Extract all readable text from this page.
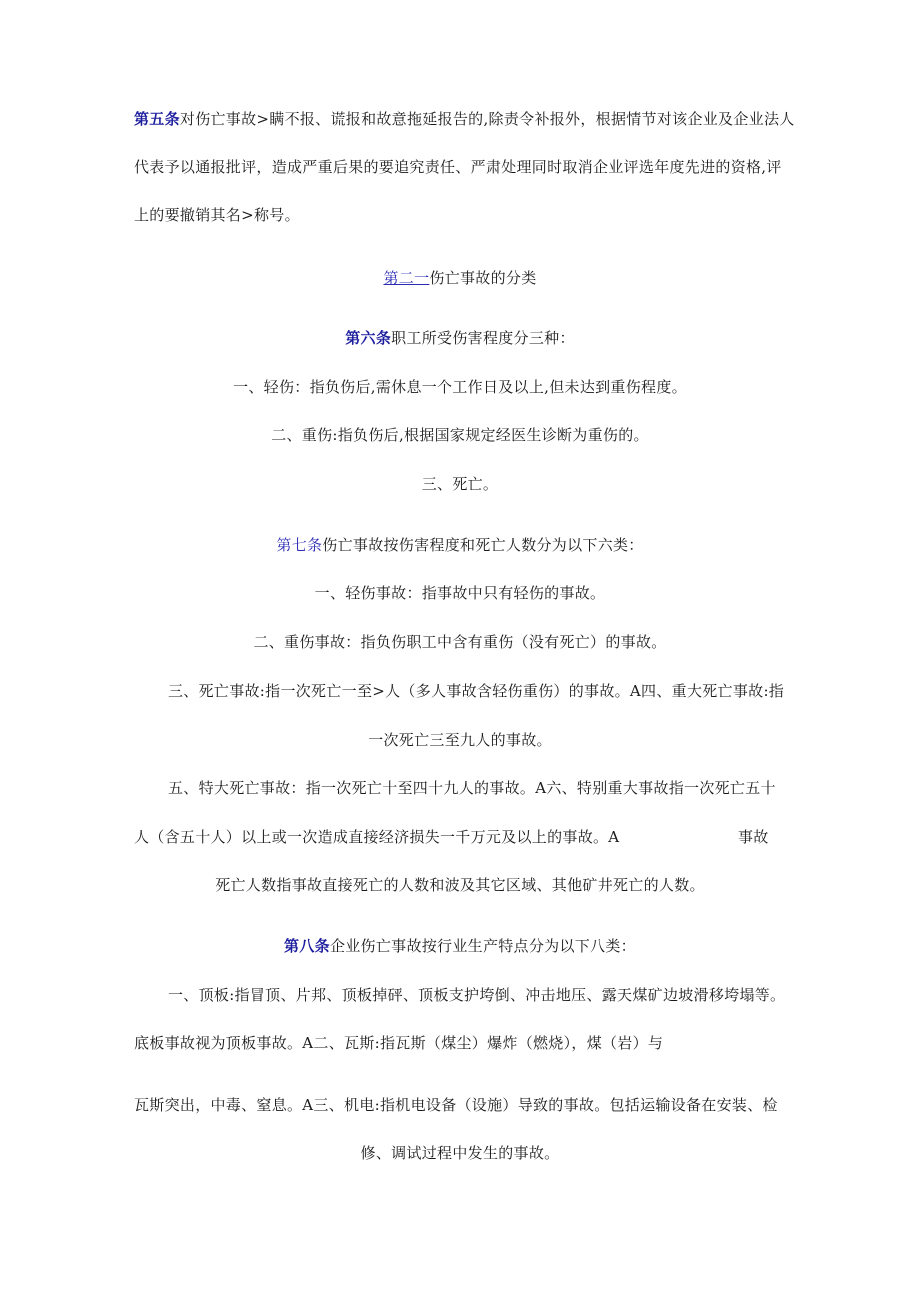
第五条对伤亡事故>瞒不报、谎报和故意拖延报告的,除责令补报外，根据情节对该企业及企业法人
代表予以通报批评，造成严重后果的要追究责任、严肃处理同时取消企业评选年度先进的资格,评
上的要撤销其名>称号。
第二一伤亡事故的分类
第六条职工所受伤害程度分三种：
一、轻伤：指负伤后,需休息一个工作日及以上,但未达到重伤程度。
二、重伤:指负伤后,根据国家规定经医生诊断为重伤的。
三、死亡。
第七条伤亡事故按伤害程度和死亡人数分为以下六类：
一、轻伤事故：指事故中只有轻伤的事故。
二、重伤事故：指负伤职工中含有重伤（没有死亡）的事故。
三、死亡事故:指一次死亡一至>人（多人事故含轻伤重伤）的事故。A四、重大死亡事故:指
一次死亡三至九人的事故。
五、特大死亡事故：指一次死亡十至四十九人的事故。A六、特别重大事故指一次死亡五十
人（含五十人）以上或一次造成直接经济损失一千万元及以上的事故。A	事故
死亡人数指事故直接死亡的人数和波及其它区域、其他矿井死亡的人数。
第八条企业伤亡事故按行业生产特点分为以下八类：
一、顶板:指冒顶、片邦、顶板掉砰、顶板支护垮倒、冲击地压、露天煤矿边坡滑移垮塌等。
底板事故视为顶板事故。A二、瓦斯:指瓦斯（煤尘）爆炸（燃烧），煤（岩）与
瓦斯突出，中毒、窒息。A三、机电:指机电设备（设施）导致的事故。包括运输设备在安装、检
修、调试过程中发生的事故。
